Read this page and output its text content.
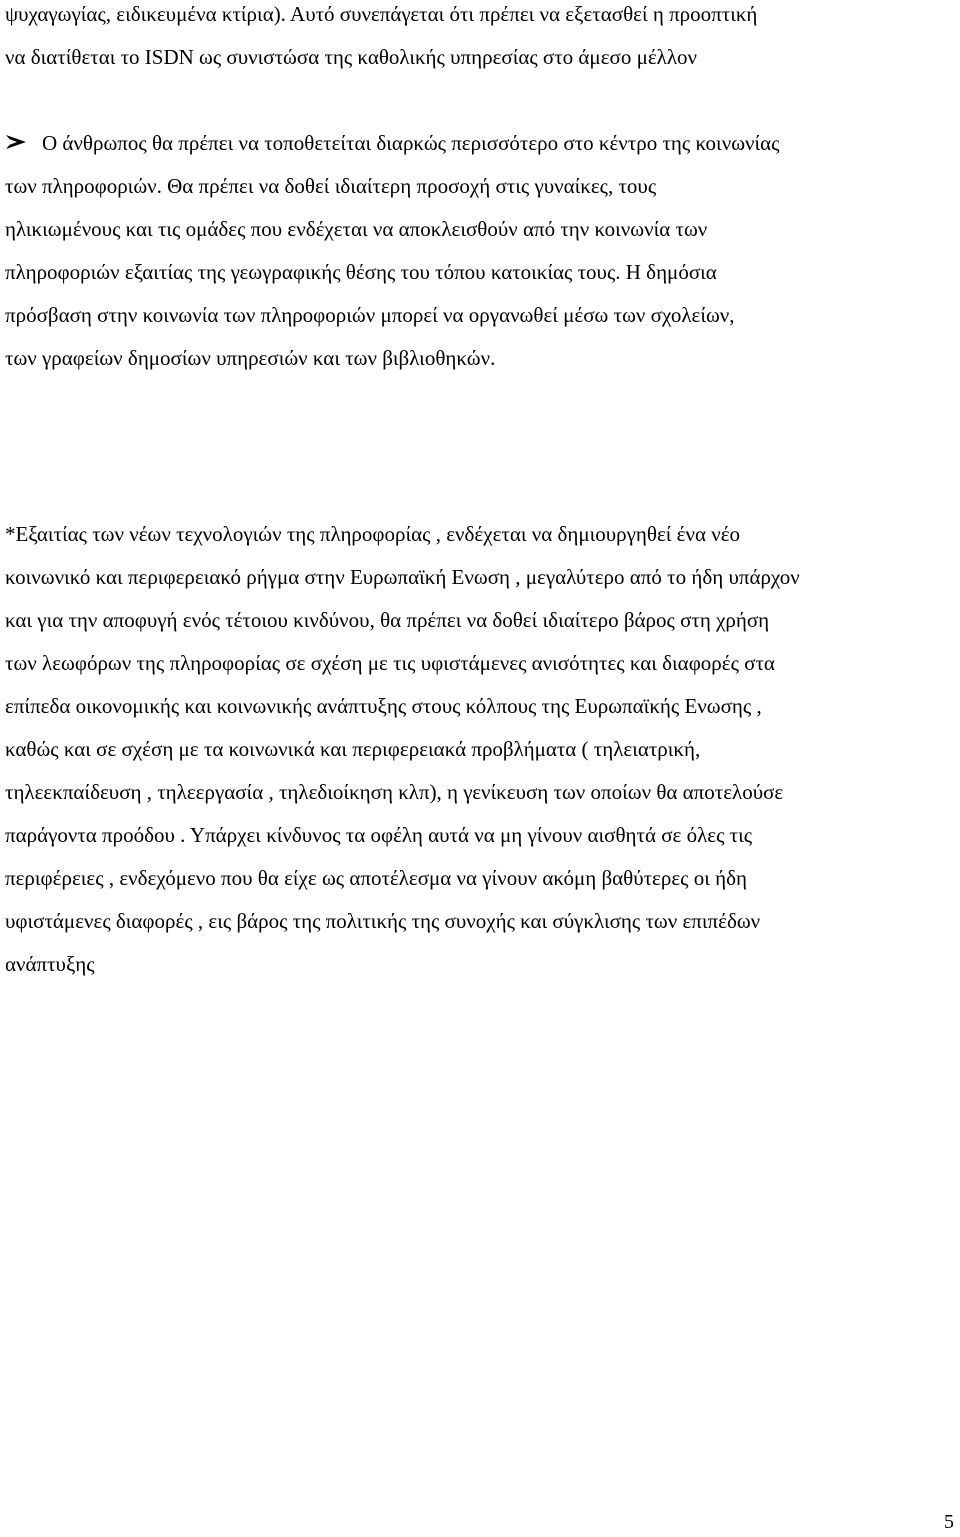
ψυχαγωγίας, ειδικευμένα κτίρια). Αυτό συνεπάγεται ότι πρέπει να εξετασθεί η προοπτική
να διατίθεται το ISDN ως συνιστώσα της καθολικής υπηρεσίας στο άμεσο μέλλον
Ο άνθρωπος θα πρέπει να τοποθετείται διαρκώς περισσότερο στο κέντρο της κοινωνίας
των πληροφοριών. Θα πρέπει να δοθεί ιδιαίτερη προσοχή στις γυναίκες, τους
ηλικιωμένους και τις ομάδες που ενδέχεται να αποκλεισθούν από την κοινωνία των
πληροφοριών εξαιτίας της γεωγραφικής θέσης του τόπου κατοικίας τους. Η δημόσια
πρόσβαση στην κοινωνία των πληροφοριών μπορεί να οργανωθεί μέσω των σχολείων,
των γραφείων δημοσίων υπηρεσιών και των βιβλιοθηκών.
*Εξαιτίας των νέων τεχνολογιών της πληροφορίας , ενδέχεται να δημιουργηθεί ένα νέο
κοινωνικό και περιφερειακό ρήγμα στην Ευρωπαϊκή Ενωση , μεγαλύτερο από το ήδη υπάρχον
και για την αποφυγή ενός τέτοιου κινδύνου, θα πρέπει να δοθεί ιδιαίτερο βάρος στη χρήση
των λεωφόρων της πληροφορίας σε σχέση με τις υφιστάμενες ανισότητες και διαφορές στα
επίπεδα οικονομικής και κοινωνικής ανάπτυξης στους κόλπους της Ευρωπαϊκής Ενωσης ,
καθώς και σε σχέση με τα κοινωνικά και περιφερειακά προβλήματα ( τηλειατρική,
τηλεεκπαίδευση , τηλεεργασία , τηλεδιοίκηση κλπ), η γενίκευση των οποίων θα αποτελούσε
παράγοντα προόδου . Υπάρχει κίνδυνος τα οφέλη αυτά να μη γίνουν αισθητά σε όλες τις
περιφέρειες , ενδεχόμενο που θα είχε ως αποτέλεσμα να γίνουν ακόμη βαθύτερες οι ήδη
υφιστάμενες διαφορές , εις βάρος της πολιτικής της συνοχής και σύγκλισης των επιπέδων
ανάπτυξης
5
